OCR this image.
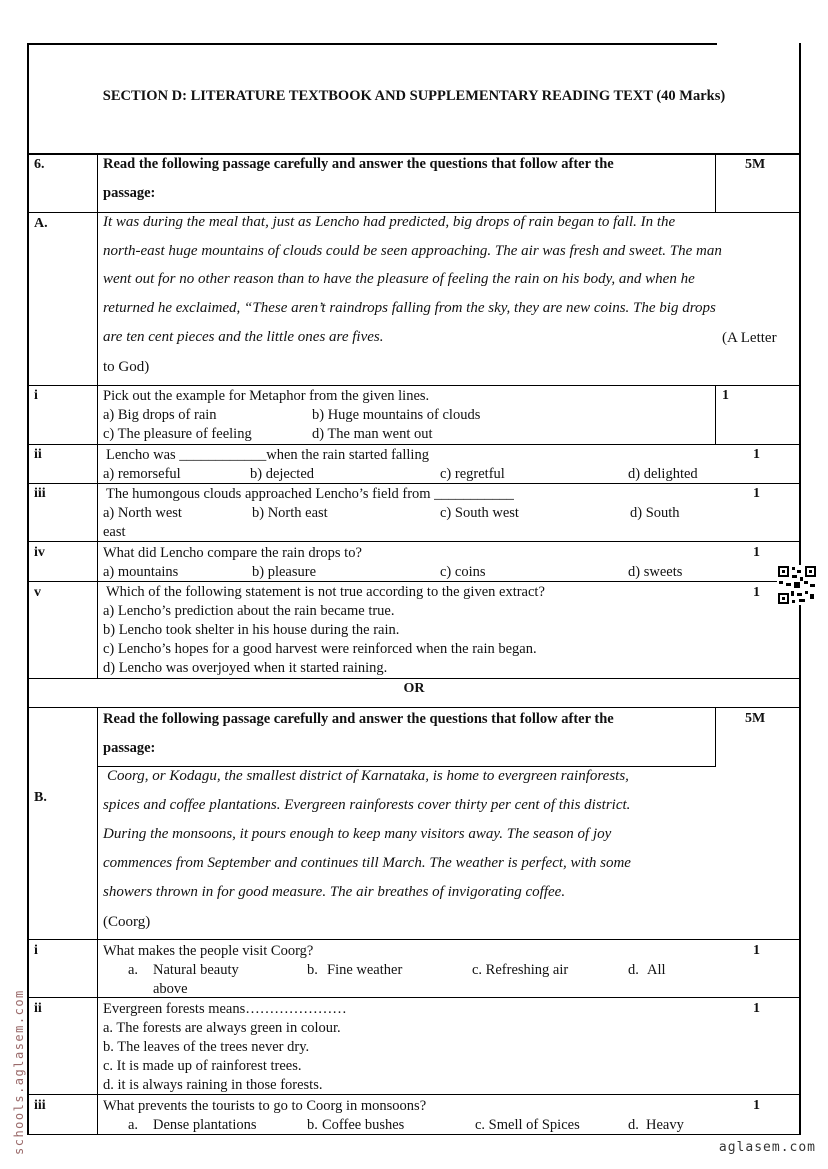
SECTION D: LITERATURE TEXTBOOK AND SUPPLEMENTARY READING TEXT (40 Marks)
6.	Read the following passage carefully and answer the questions that follow after the
passage:
5M
A.	It was during the meal that, just as Lencho had predicted, big drops of rain began to fall. In the
north-east huge mountains of clouds could be seen approaching. The air was fresh and sweet. The man
went out for no other reason than to have the pleasure of feeling the rain on his body, and when he
returned he exclaimed, “These aren’t raindrops falling from the sky, they are new coins. The big drops
are ten cent pieces and the little ones are fives.	(A Letter
to God)
i	Pick out the example for Metaphor from the given lines.
a) Big drops of rain	b) Huge mountains of clouds
c) The pleasure of feeling	d) The man went out
1
ii	Lencho was ____________when the rain started falling
a) remorseful	b) dejected	c) regretful	d) delighted
1
iii	The humongous clouds approached Lencho’s field from ___________
a) North west	b) North east	c) South west	d) South
east
1
iv	What did Lencho compare the rain drops to?
a) mountains	b) pleasure	c) coins	d) sweets
1
v	Which of the following statement is not true according to the given extract?
a) Lencho’s prediction about the rain became true.
b) Lencho took shelter in his house during the rain.
c) Lencho’s hopes for a good harvest were reinforced when the rain began.
d) Lencho was overjoyed when it started raining.
1
OR
Read the following passage carefully and answer the questions that follow after the
passage:
5M
B.
Coorg, or Kodagu, the smallest district of Karnataka, is home to evergreen rainforests,
spices and coffee plantations. Evergreen rainforests cover thirty per cent of this district.
During the monsoons, it pours enough to keep many visitors away. The season of joy
commences from September and continues till March. The weather is perfect, with some
showers thrown in for good measure. The air breathes of invigorating coffee.
(Coorg)
i	What makes the people visit Coorg?
a. Natural beauty	b. Fine weather	c. Refreshing air	d. All
above
1
ii	Evergreen forests means…………………
a. The forests are always green in colour.
b. The leaves of the trees never dry.
c. It is made up of rainforest trees.
d. it is always raining in those forests.
1
iii	What prevents the tourists to go to Coorg in monsoons?
a. Dense plantations	b. Coffee bushes	c. Smell of Spices	d. Heavy
1
schools.aglasem.com	aglasem.com
